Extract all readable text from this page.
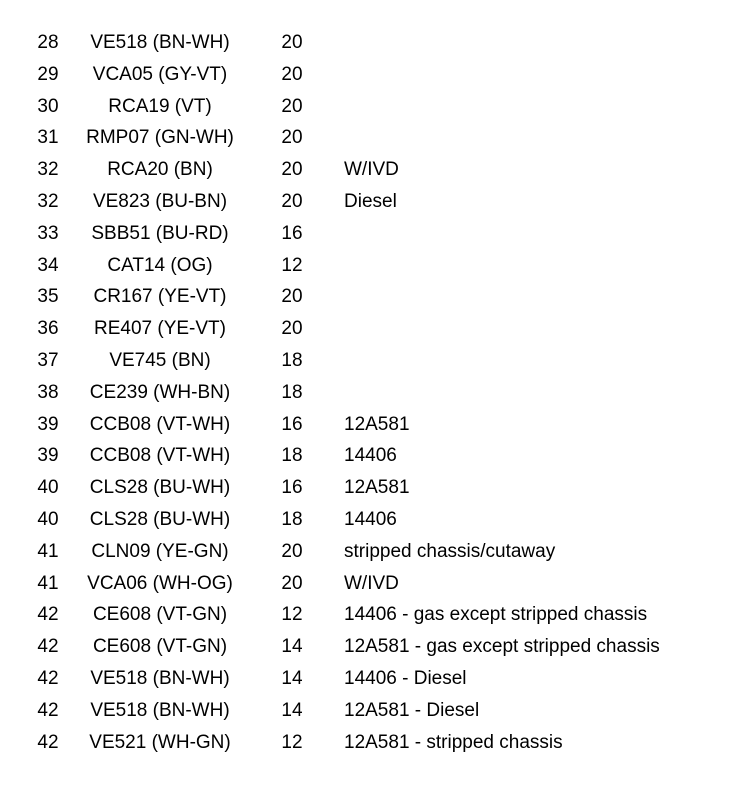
28	VE518 (BN-WH)	20
29	VCA05 (GY-VT)	20
30	RCA19 (VT)	20
31	RMP07 (GN-WH)	20
32	RCA20 (BN)	20	W/IVD
32	VE823 (BU-BN)	20	Diesel
33	SBB51 (BU-RD)	16
34	CAT14 (OG)	12
35	CR167 (YE-VT)	20
36	RE407 (YE-VT)	20
37	VE745 (BN)	18
38	CE239 (WH-BN)	18
39	CCB08 (VT-WH)	16	12A581
39	CCB08 (VT-WH)	18	14406
40	CLS28 (BU-WH)	16	12A581
40	CLS28 (BU-WH)	18	14406
41	CLN09 (YE-GN)	20	stripped chassis/cutaway
41	VCA06 (WH-OG)	20	W/IVD
42	CE608 (VT-GN)	12	14406 - gas except stripped chassis
42	CE608 (VT-GN)	14	12A581 - gas except stripped chassis
42	VE518 (BN-WH)	14	14406 - Diesel
42	VE518 (BN-WH)	14	12A581 - Diesel
42	VE521 (WH-GN)	12	12A581 - stripped chassis
